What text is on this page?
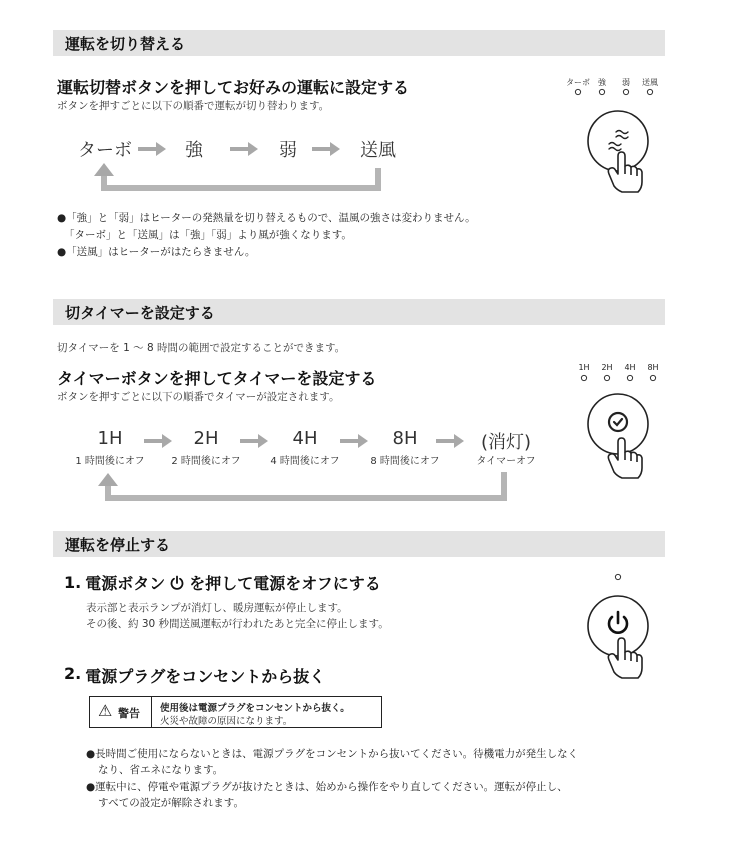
運転を切り替える
運転切替ボタンを押してお好みの運転に設定する
ボタンを押すごとに以下の順番で運転が切り替わります。
ターボ	強	弱	送風
●「強」と「弱」はヒーターの発熱量を切り替えるもので、温風の強さは変わりません。
「ターボ」と「送風」は「強」「弱」より風が強くなります。
●「送風」はヒーターがはたらきません。
ターボ	強	弱	送風
切タイマーを設定する
切タイマーを 1 ～ 8 時間の範囲で設定することができます。
タイマーボタンを押してタイマーを設定する
ボタンを押すごとに以下の順番でタイマーが設定されます。
1H
1 時間後にオフ
2H
2 時間後にオフ
4H
4 時間後にオフ
8H
8 時間後にオフ
(消灯)
タイマーオフ
1H	2H	4H	8H
運転を停止する
1. 電源ボタン を押して電源をオフにする
表示部と表示ランプが消灯し、暖房運転が停止します。
その後、約 30 秒間送風運転が行われたあと完全に停止します。
2. 電源プラグをコンセントから抜く
⚠ 警告 使用後は電源プラグをコンセントから抜く。
火災や故障の原因になります。
●長時間ご使用にならないときは、電源プラグをコンセントから抜いてください。待機電力が発生しなく
なり、省エネになります。
●運転中に、停電や電源プラグが抜けたときは、始めから操作をやり直してください。運転が停止し、
すべての設定が解除されます。
